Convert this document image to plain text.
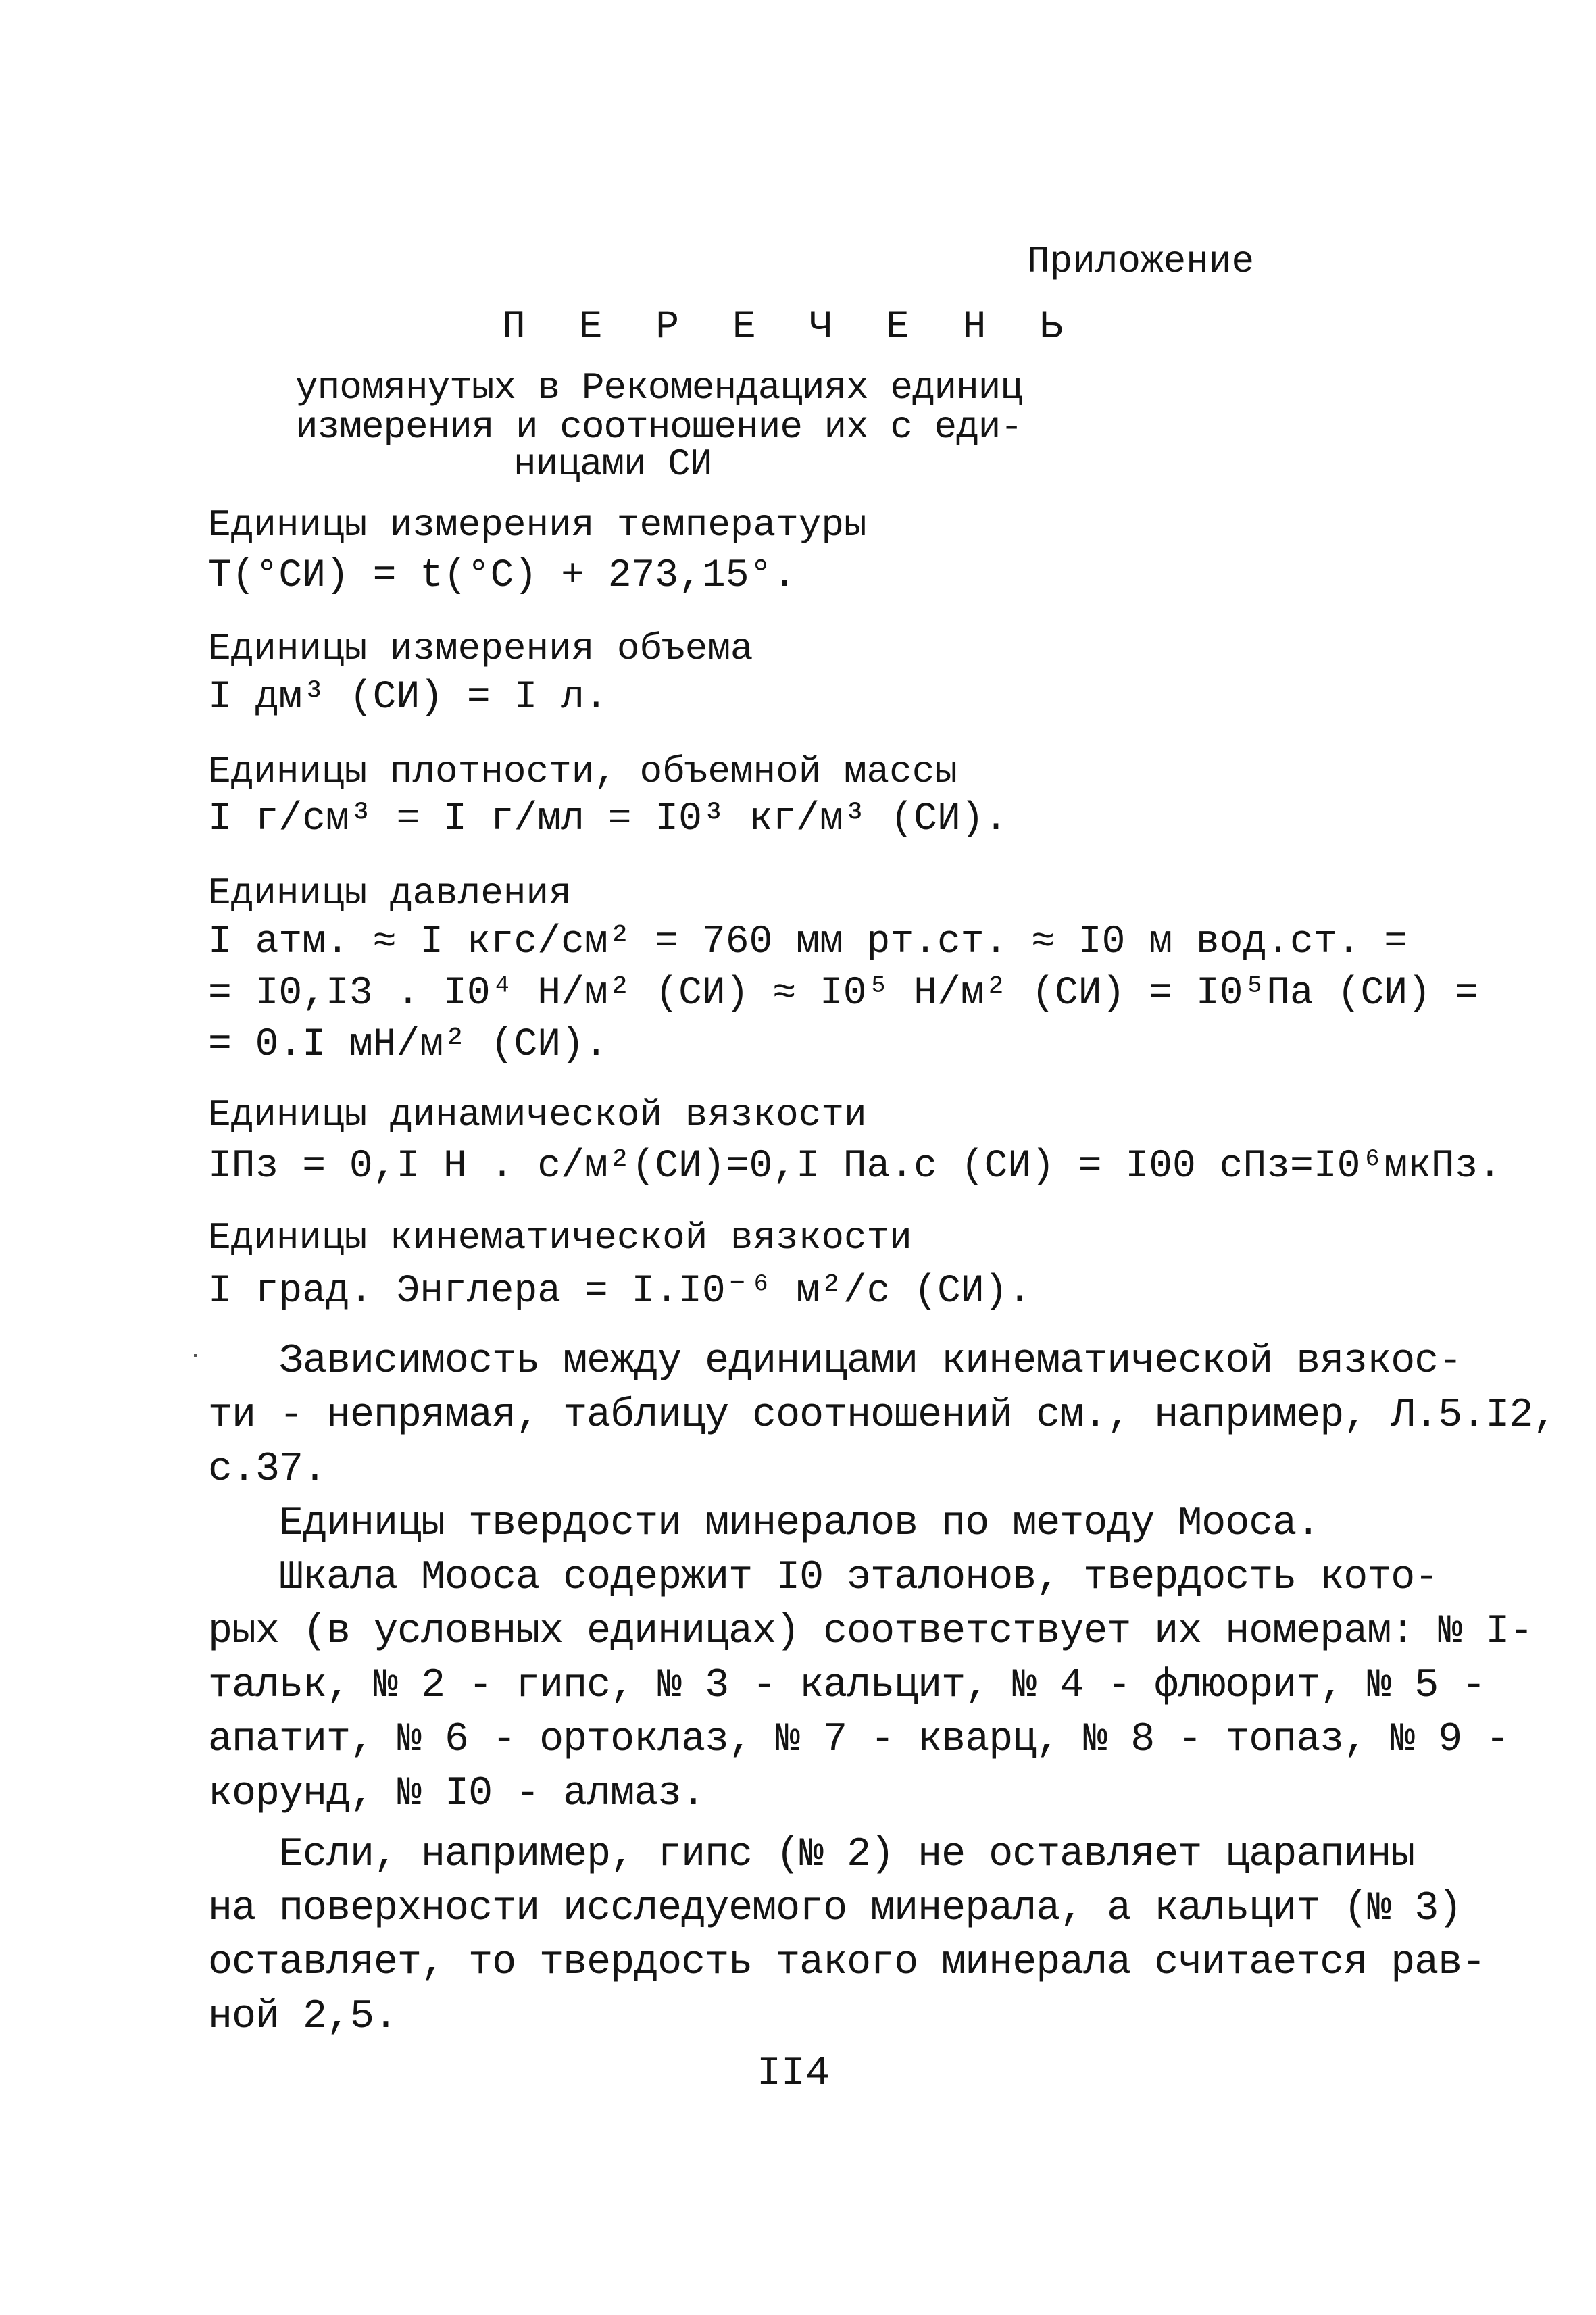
Приложение
П Е Р Е Ч Е Н Ь
упомянутых в Рекомендациях единиц
измерения и соотношение их с еди-
ницами СИ
Единицы измерения температуры
Т(°СИ) = t(°C) + 273,15°.
Единицы измерения объема
I дм³ (СИ) = I л.
Единицы плотности, объемной массы
I г/см³ = I г/мл = I0³ кг/м³ (СИ).
Единицы давления
I атм. ≈ I кгс/см² = 760 мм рт.ст. ≈ I0 м вод.ст. =
= I0,I3 . I0⁴ Н/м² (СИ) ≈ I0⁵ Н/м² (СИ) = I0⁵Па (СИ) =
= 0.I мН/м² (СИ).
Единицы динамической вязкости
IПз = 0,I Н . с/м²(СИ)=0,I Па.с (СИ) = I00 сПз=I0⁶мкПз.
Единицы кинематической вязкости
I град. Энглера = I.I0⁻⁶ м²/с (СИ).
Зависимость между единицами кинематической вязкос-
ти - непрямая, таблицу соотношений см., например, Л.5.I2,
с.37.
Единицы твердости минералов по методу Мооса.
Шкала Мооса содержит I0 эталонов, твердость кото-
рых (в условных единицах) соответствует их номерам: № I-
тальк, № 2 - гипс, № 3 - кальцит, № 4 - флюорит, № 5 -
апатит, № 6 - ортоклаз, № 7 - кварц, № 8 - топаз, № 9 -
корунд, № I0 - алмаз.
Если, например, гипс (№ 2) не оставляет царапины
на поверхности исследуемого минерала, а кальцит (№ 3)
оставляет, то твердость такого минерала считается рав-
ной 2,5.
II4
